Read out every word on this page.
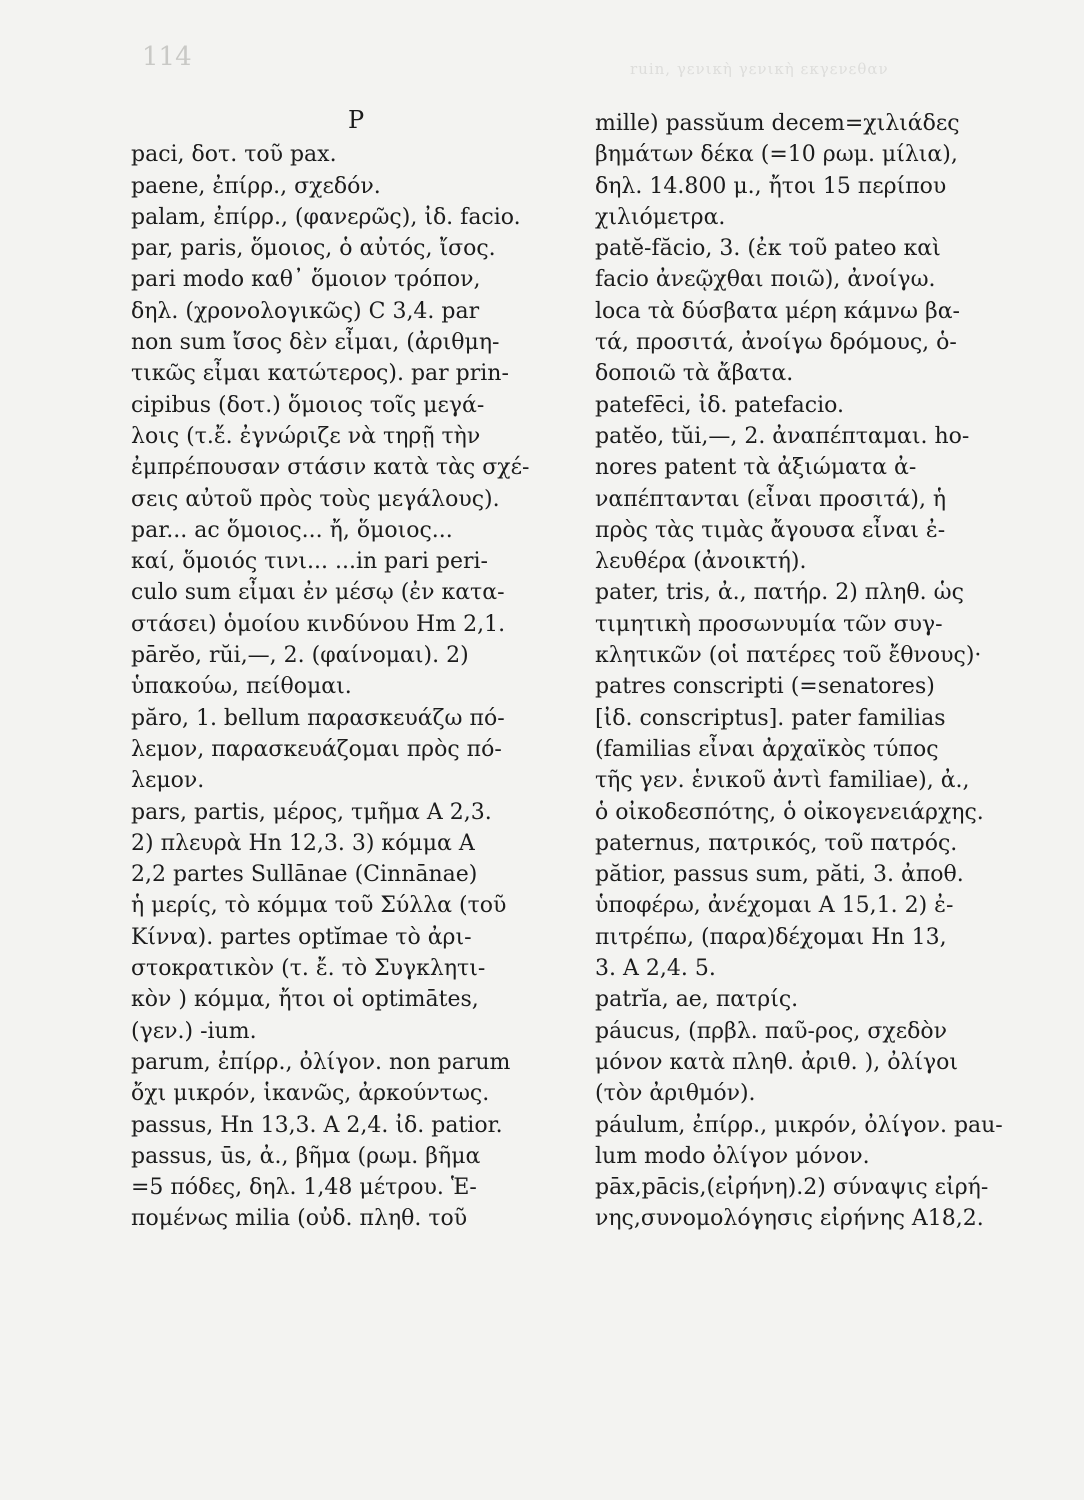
114	ruin, γενικὴ γενικὴ εκγενεθαν
P
paci, δοτ. τοῦ pax.
paene, ἐπίρρ., σχεδόν.
palam, ἐπίρρ., (φανερῶς), ἰδ. facio.
par, paris, ὅμοιος, ὁ αὐτός, ἴσος.
pari modo καθ᾽ ὅμοιον τρόπον,
δηλ. (χρονολογικῶς) C 3,4. par
non sum ἴσος δὲν εἶμαι, (ἀριθμη-
τικῶς εἶμαι κατώτερος). par prin-
cipibus (δοτ.) ὅμοιος τοῖς μεγά-
λοις (τ.ἔ. ἐγνώριζε νὰ τηρῇ τὴν
ἐμπρέπουσαν στάσιν κατὰ τὰς σχέ-
σεις αὐτοῦ πρὸς τοὺς μεγάλους).
par... ac ὅμοιος... ἤ, ὅμοιος...
καί, ὅμοιός τινι... ...in pari peri-
culo sum εἶμαι ἐν μέσῳ (ἐν κατα-
στάσει) ὁμοίου κινδύνου Hm 2,1.
pārĕo, rŭi,—, 2. (φαίνομαι). 2)
ὑπακούω, πείθομαι.
păro, 1. bellum παρασκευάζω πό-
λεμον, παρασκευάζομαι πρὸς πό-
λεμον.
pars, partis, μέρος, τμῆμα A 2,3.
2) πλευρὰ Hn 12,3. 3) κόμμα A
2,2 partes Sullānae (Cinnānae)
ἡ μερίς, τὸ κόμμα τοῦ Σύλλα (τοῦ
Κίννα). partes optĭmae τὸ ἀρι-
στοκρατικὸν (τ. ἔ. τὸ Συγκλητι-
κὸν ) κόμμα, ἤτοι οἱ optimātes,
(γεν.) -ium.
parum, ἐπίρρ., ὀλίγον. non parum
ὄχι μικρόν, ἱκανῶς, ἀρκούντως.
passus, Hn 13,3. A 2,4. ἰδ. patior.
passus, ūs, ἀ., βῆμα (ρωμ. βῆμα
=5 πόδες, δηλ. 1,48 μέτρου. Ἑ-
πομένως milia (οὐδ. πληθ. τοῦ
mille) passŭum decem=χιλιάδες
βημάτων δέκα (=10 ρωμ. μίλια),
δηλ. 14.800 μ., ἤτοι 15 περίπου
χιλιόμετρα.
patĕ-făcio, 3. (ἐκ τοῦ pateo καὶ
facio ἀνεῷχθαι ποιῶ), ἀνοίγω.
loca τὰ δύσβατα μέρη κάμνω βα-
τά, προσιτά, ἀνοίγω δρόμους, ὁ-
δοποιῶ τὰ ἄβατα.
patefēci, ἰδ. patefacio.
patĕo, tŭi,—, 2. ἀναπέπταμαι. ho-
nores patent τὰ ἀξιώματα ἀ-
ναπέπτανται (εἶναι προσιτά), ἡ
πρὸς τὰς τιμὰς ἄγουσα εἶναι ἐ-
λευθέρα (ἀνοικτή).
pater, tris, ἀ., πατήρ. 2) πληθ. ὡς
τιμητικὴ προσωνυμία τῶν συγ-
κλητικῶν (οἱ πατέρες τοῦ ἔθνους)·
patres conscripti (=senatores)
[ἰδ. conscriptus]. pater familias
(familias εἶναι ἀρχαϊκὸς τύπος
τῆς γεν. ἑνικοῦ ἀντὶ familiae), ἀ.,
ὁ οἰκοδεσπότης, ὁ οἰκογενειάρχης.
paternus, πατρικός, τοῦ πατρός.
pătior, passus sum, păti, 3. ἀποθ.
ὑποφέρω, ἀνέχομαι A 15,1. 2) ἐ-
πιτρέπω, (παρα)δέχομαι Hn 13,
3. A 2,4. 5.
patrĭa, ae, πατρίς.
páucus, (πρβλ. παῦ-ρος, σχεδὸν
μόνον κατὰ πληθ. ἀριθ. ), ὀλίγοι
(τὸν ἀριθμόν).
páulum, ἐπίρρ., μικρόν, ὀλίγον. pau-
lum modo ὀλίγον μόνον.
pāx,pācis,(εἰρήνη).2) σύναψις εἰρή-
νης,συνομολόγησις εἰρήνης A18,2.
